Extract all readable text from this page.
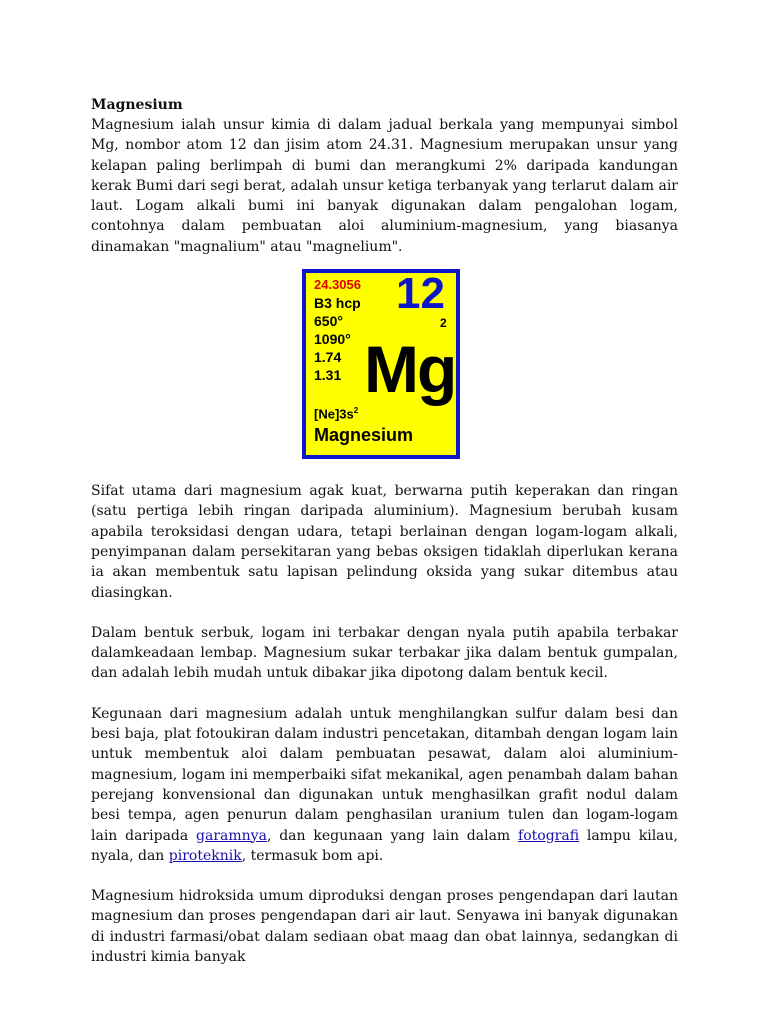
Magnesium

Magnesium ialah unsur kimia di dalam jadual berkala yang mempunyai simbol Mg, nombor atom 12 dan jisim atom 24.31. Magnesium merupakan unsur yang kelapan paling berlimpah di bumi dan merangkumi 2% daripada kandungan kerak Bumi dari segi berat, adalah unsur ketiga terbanyak yang terlarut dalam air laut. Logam alkali bumi ini banyak digunakan dalam pengalohan logam, contohnya dalam pembuatan aloi aluminium-magnesium, yang biasanya dinamakan "magnalium" atau "magnelium".

24.3056
B3 hcp
650°
1090°
1.74
1.31
12
2
Mg
$[Ne]3s^2$
Magnesium

Sifat utama dari magnesium agak kuat, berwarna putih keperakan dan ringan (satu pertiga lebih ringan daripada aluminium). Magnesium berubah kusam apabila teroksidasi dengan udara, tetapi berlainan dengan logam-logam alkali, penyimpanan dalam persekitaran yang bebas oksigen tidaklah diperlukan kerana ia akan membentuk satu lapisan pelindung oksida yang sukar ditembus atau diasingkan.

Dalam bentuk serbuk, logam ini terbakar dengan nyala putih apabila terbakar dalamkeadaan lembap. Magnesium sukar terbakar jika dalam bentuk gumpalan, dan adalah lebih mudah untuk dibakar jika dipotong dalam bentuk kecil.

Kegunaan dari magnesium adalah untuk menghilangkan sulfur dalam besi dan besi baja, plat fotoukiran dalam industri pencetakan, ditambah dengan logam lain untuk membentuk aloi dalam pembuatan pesawat, dalam aloi aluminium-magnesium, logam ini memperbaiki sifat mekanikal, agen penambah dalam bahan perejang konvensional dan digunakan untuk menghasilkan grafit nodul dalam besi tempa, agen penurun dalam penghasilan uranium tulen dan logam-logam lain daripada garamnya, dan kegunaan yang lain dalam fotografi lampu kilau, nyala, dan piroteknik, termasuk bom api.

Magnesium hidroksida umum diproduksi dengan proses pengendapan dari lautan magnesium dan proses pengendapan dari air laut. Senyawa ini banyak digunakan di industri farmasi/obat dalam sediaan obat maag dan obat lainnya, sedangkan di industri kimia banyak
